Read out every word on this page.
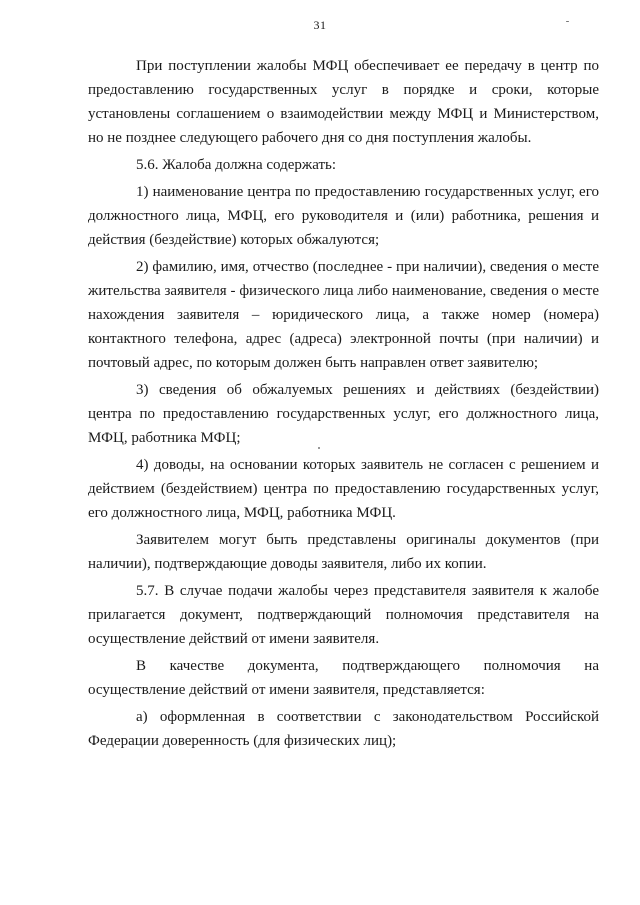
31

При поступлении жалобы МФЦ обеспечивает ее передачу в центр по предоставлению государственных услуг в порядке и сроки, которые установлены соглашением о взаимодействии между МФЦ и Министерством, но не позднее следующего рабочего дня со дня поступления жалобы.

5.6. Жалоба должна содержать:

1) наименование центра по предоставлению государственных услуг, его должностного лица, МФЦ, его руководителя и (или) работника, решения и действия (бездействие) которых обжалуются;

2) фамилию, имя, отчество (последнее - при наличии), сведения о месте жительства заявителя - физического лица либо наименование, сведения о месте нахождения заявителя – юридического лица, а также номер (номера) контактного телефона, адрес (адреса) электронной почты (при наличии) и почтовый адрес, по которым должен быть направлен ответ заявителю;

3) сведения об обжалуемых решениях и действиях (бездействии) центра по предоставлению государственных услуг, его должностного лица, МФЦ, работника МФЦ;

4) доводы, на основании которых заявитель не согласен с решением и действием (бездействием) центра по предоставлению государственных услуг, его должностного лица, МФЦ, работника МФЦ.

Заявителем могут быть представлены оригиналы документов (при наличии), подтверждающие доводы заявителя, либо их копии.

5.7. В случае подачи жалобы через представителя заявителя к жалобе прилагается документ, подтверждающий полномочия представителя на осуществление действий от имени заявителя.

В качестве документа, подтверждающего полномочия на осуществление действий от имени заявителя, представляется:

а) оформленная в соответствии с законодательством Российской Федерации доверенность (для физических лиц);
